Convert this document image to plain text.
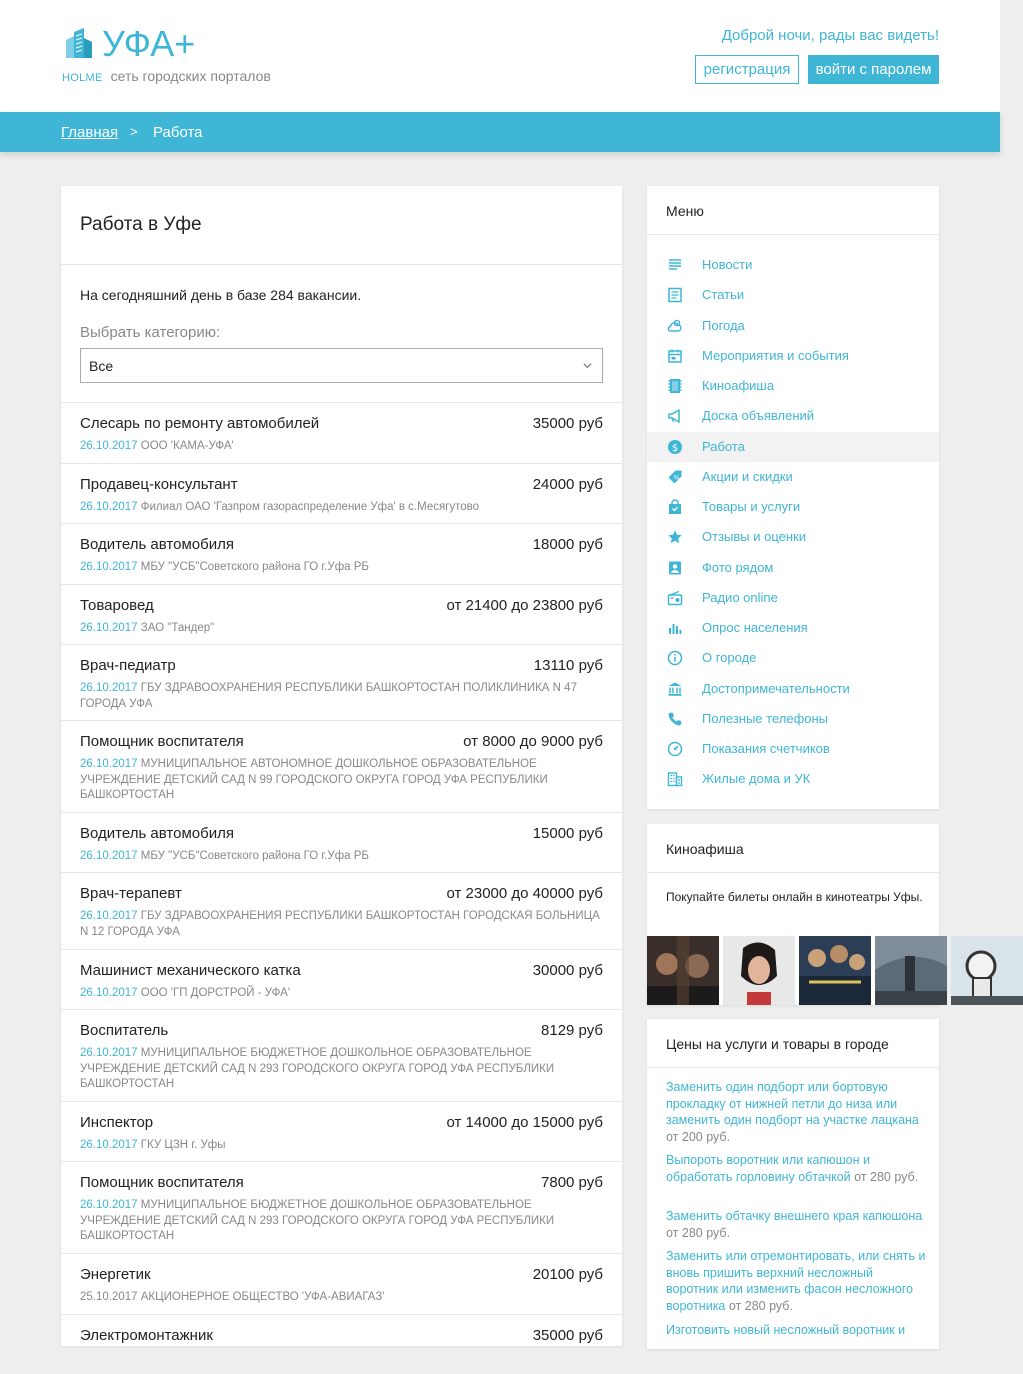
УФА+
HOLME сеть городских порталов
Доброй ночи, рады вас видеть!
регистрация	войти с паролем
Главная > Работа
Работа в Уфе
На сегодняшний день в базе 284 вакансии.
Выбрать категорию:
Все
Слесарь по ремонту автомобилей	35000 руб
26.10.2017 ООО 'КАМА-УФА'
Продавец-консультант	24000 руб
26.10.2017 Филиал ОАО 'Газпром газораспределение Уфа' в с.Месягутово
Водитель автомобиля	18000 руб
26.10.2017 МБУ "УСБ"Советского района ГО г.Уфа РБ
Товаровед	от 21400 до 23800 руб
26.10.2017 ЗАО "Тандер"
Врач-педиатр	13110 руб
26.10.2017 ГБУ ЗДРАВООХРАНЕНИЯ РЕСПУБЛИКИ БАШКОРТОСТАН ПОЛИКЛИНИКА N 47 ГОРОДА УФА
Помощник воспитателя	от 8000 до 9000 руб
26.10.2017 МУНИЦИПАЛЬНОЕ АВТОНОМНОЕ ДОШКОЛЬНОЕ ОБРАЗОВАТЕЛЬНОЕ УЧРЕЖДЕНИЕ ДЕТСКИЙ САД N 99 ГОРОДСКОГО ОКРУГА ГОРОД УФА РЕСПУБЛИКИ БАШКОРТОСТАН
Водитель автомобиля	15000 руб
26.10.2017 МБУ "УСБ"Советского района ГО г.Уфа РБ
Врач-терапевт	от 23000 до 40000 руб
26.10.2017 ГБУ ЗДРАВООХРАНЕНИЯ РЕСПУБЛИКИ БАШКОРТОСТАН ГОРОДСКАЯ БОЛЬНИЦА N 12 ГОРОДА УФА
Машинист механического катка	30000 руб
26.10.2017 ООО 'ГП ДОРСТРОЙ - УФА'
Воспитатель	8129 руб
26.10.2017 МУНИЦИПАЛЬНОЕ БЮДЖЕТНОЕ ДОШКОЛЬНОЕ ОБРАЗОВАТЕЛЬНОЕ УЧРЕЖДЕНИЕ ДЕТСКИЙ САД N 293 ГОРОДСКОГО ОКРУГА ГОРОД УФА РЕСПУБЛИКИ БАШКОРТОСТАН
Инспектор	от 14000 до 15000 руб
26.10.2017 ГКУ ЦЗН г. Уфы
Помощник воспитателя	7800 руб
26.10.2017 МУНИЦИПАЛЬНОЕ БЮДЖЕТНОЕ ДОШКОЛЬНОЕ ОБРАЗОВАТЕЛЬНОЕ УЧРЕЖДЕНИЕ ДЕТСКИЙ САД N 293 ГОРОДСКОГО ОКРУГА ГОРОД УФА РЕСПУБЛИКИ БАШКОРТОСТАН
Энергетик	20100 руб
25.10.2017 АКЦИОНЕРНОЕ ОБЩЕСТВО 'УФА-АВИАГАЗ'
Электромонтажник	35000 руб
Меню
Новости
Статьи
Погода
Мероприятия и события
Киноафиша
Доска объявлений
$ Работа
% Акции и скидки
Товары и услуги
Отзывы и оценки
Фото рядом
Радио online
Опрос населения
О городе
Достопримечательности
Полезные телефоны
Показания счетчиков
Жилые дома и УК
Киноафиша
Покупайте билеты онлайн в кинотеатры Уфы.
Цены на услуги и товары в городе
Заменить один подборт или бортовую прокладку от нижней петли до низа или заменить один подборт на участке лацкана от 200 руб.
Выпороть воротник или капюшон и обработать горловину обтачкой от 280 руб.
Заменить обтачку внешнего края капюшона от 280 руб.
Заменить или отремонтировать, или снять и вновь пришить верхний несложный воротник или изменить фасон несложного воротника от 280 руб.
Изготовить новый несложный воротник и
